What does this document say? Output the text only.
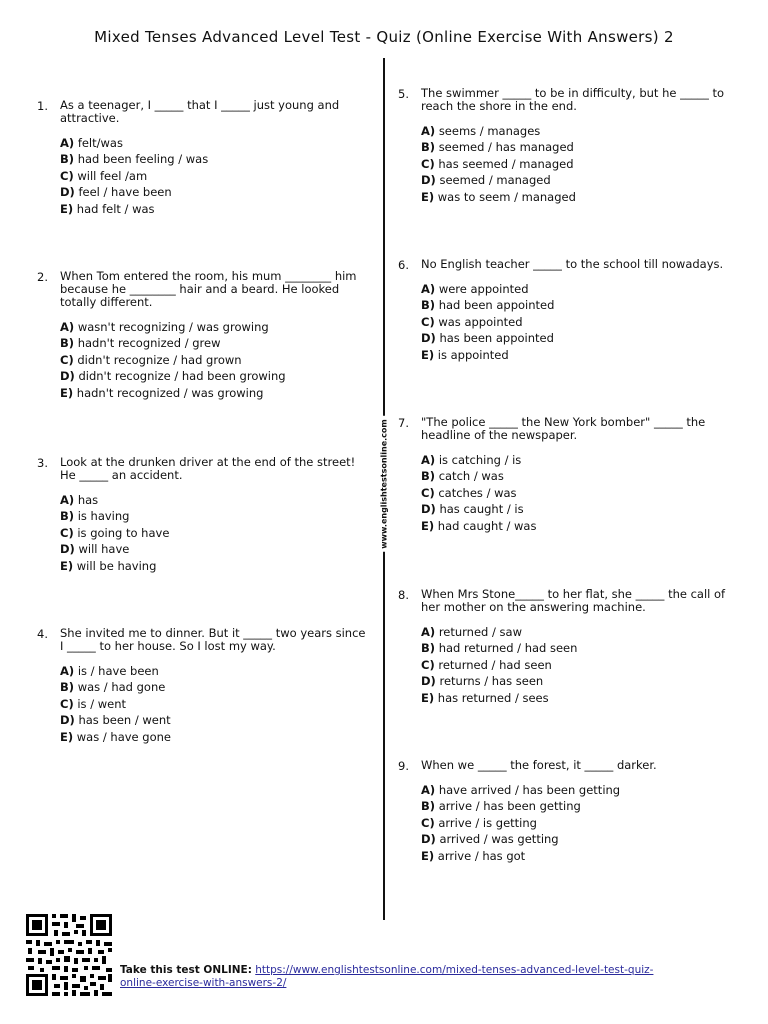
Mixed Tenses Advanced Level Test - Quiz (Online Exercise With Answers) 2
www.englishtestsonline.com
1. As a teenager, I _____ that I _____ just young and attractive.

A) felt/was
B) had been feeling / was
C) will feel /am
D) feel / have been
E) had felt / was
2. When Tom entered the room, his mum ________ him because he ________ hair and a beard. He looked totally different.

A) wasn't recognizing / was growing
B) hadn't recognized / grew
C) didn't recognize / had grown
D) didn't recognize / had been growing
E) hadn't recognized / was growing
3. Look at the drunken driver at the end of the street! He _____ an accident.

A) has
B) is having
C) is going to have
D) will have
E) will be having
4. She invited me to dinner. But it _____ two years since I _____ to her house. So I lost my way.

A) is / have been
B) was / had gone
C) is / went
D) has been / went
E) was / have gone
5. The swimmer _____ to be in difficulty, but he _____ to reach the shore in the end.

A) seems / manages
B) seemed / has managed
C) has seemed / managed
D) seemed / managed
E) was to seem / managed
6. No English teacher _____ to the school till nowadays.

A) were appointed
B) had been appointed
C) was appointed
D) has been appointed
E) is appointed
7. "The police _____ the New York bomber" _____ the headline of the newspaper.

A) is catching / is
B) catch / was
C) catches / was
D) has caught / is
E) had caught / was
8. When Mrs Stone_____ to her flat, she _____ the call of her mother on the answering machine.

A) returned / saw
B) had returned / had seen
C) returned / had seen
D) returns / has seen
E) has returned / sees
9. When we _____ the forest, it _____ darker.

A) have arrived / has been getting
B) arrive / has been getting
C) arrive / is getting
D) arrived / was getting
E) arrive / has got
Take this test ONLINE: https://www.englishtestsonline.com/mixed-tenses-advanced-level-test-quiz-online-exercise-with-answers-2/
